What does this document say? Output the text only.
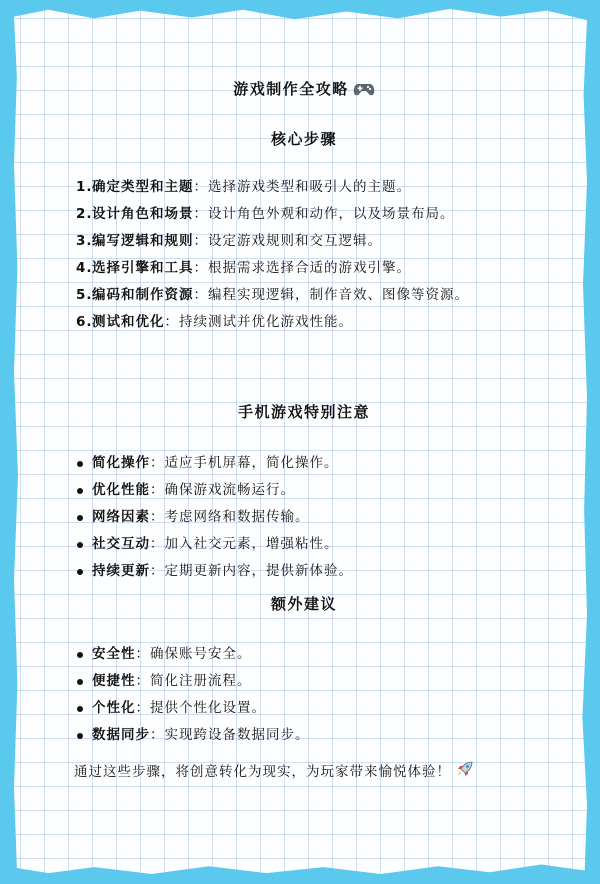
游戏制作全攻略
核心步骤
1. 确定类型和主题：选择游戏类型和吸引人的主题。
2. 设计角色和场景：设计角色外观和动作，以及场景布局。
3. 编写逻辑和规则：设定游戏规则和交互逻辑。
4. 选择引擎和工具：根据需求选择合适的游戏引擎。
5. 编码和制作资源：编程实现逻辑，制作音效、图像等资源。
6. 测试和优化：持续测试并优化游戏性能。
手机游戏特别注意
简化操作：适应手机屏幕，简化操作。
优化性能：确保游戏流畅运行。
网络因素：考虑网络和数据传输。
社交互动：加入社交元素，增强粘性。
持续更新：定期更新内容，提供新体验。
额外建议
安全性：确保账号安全。
便捷性：简化注册流程。
个性化：提供个性化设置。
数据同步：实现跨设备数据同步。
通过这些步骤，将创意转化为现实，为玩家带来愉悦体验！
